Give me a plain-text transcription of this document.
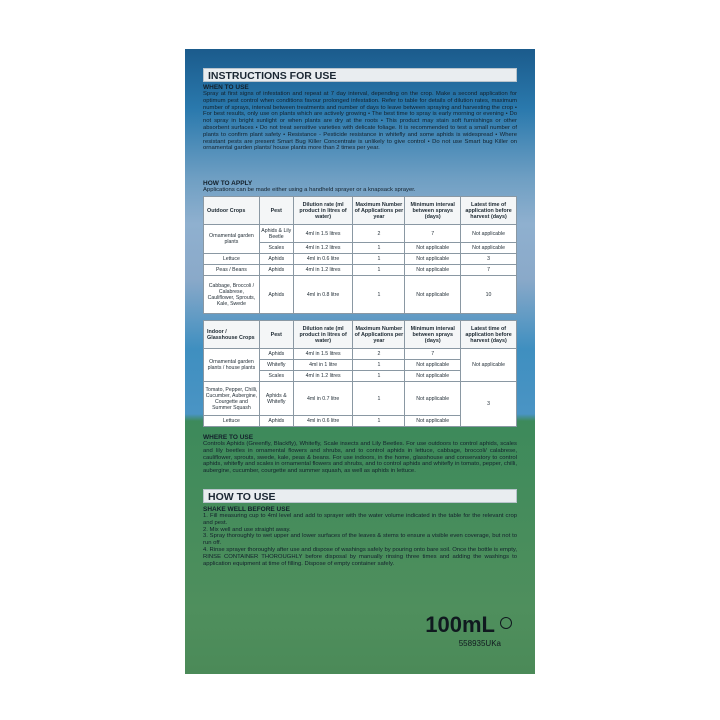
INSTRUCTIONS FOR USE
WHEN TO USE

Spray at first signs of infestation and repeat at 7 day interval, depending on the crop. Make a second application for optimum pest control when conditions favour prolonged infestation. Refer to table for details of dilution rates, maximum number of sprays, interval between treatments and number of days to leave between spraying and harvesting the crop • For best results, only use on plants which are actively growing • The best time to spray is early morning or evening • Do not spray in bright sunlight or when plants are dry at the roots • This product may stain soft furnishings or other absorbent surfaces • Do not treat sensitive varieties with delicate foliage. It is recommended to test a small number of plants to confirm plant safety • Resistance - Pesticide resistance in whitefly and some aphids is widespread • Where resistant pests are present Smart Bug Killer Concentrate is unlikely to give control • Do not use Smart bug Killer on ornamental garden plants/ house plants more than 2 times per year.

HOW TO APPLY

Applications can be made either using a handheld sprayer or a knapsack sprayer.

Outdoor Crops	Pest	Dilution rate (ml product in litres of water)	Maximum Number of Applications per year	Minimum interval between sprays (days)	Latest time of application before harvest (days)
Ornamental garden plants	Aphids & Lily Beetle	4ml in 1.5 litres	2	7	Not applicable
	Scales	4ml in 1.2 litres	1	Not applicable	Not applicable
Lettuce	Aphids	4ml in 0.6 litre	1	Not applicable	3
Peas / Beans	Aphids	4ml in 1.2 litres	1	Not applicable	7
Cabbage, Broccoli / Calabrese, Cauliflower, Sprouts, Kale, Swede	Aphids	4ml in 0.8 litre	1	Not applicable	10
Indoor / Glasshouse Crops	Pest	Dilution rate (ml product in litres of water)	Maximum Number of Applications per year	Minimum interval between sprays (days)	Latest time of application before harvest (days)
Ornamental garden plants / house plants	Aphids	4ml in 1.5 litres	2	7	Not applicable
	Whitefly	4ml in 1 litre	1	Not applicable	
	Scales	4ml in 1.2 litres	1	Not applicable	
Tomato, Pepper, Chilli, Cucumber, Aubergine, Courgette and Summer Squash	Aphids & Whitefly	4ml in 0.7 litre	1	Not applicable	3
Lettuce	Aphids	4ml in 0.6 litre	1	Not applicable	
WHERE TO USE

Controls Aphids (Greenfly, Blackfly), Whitefly, Scale insects and Lily Beetles. For use outdoors to control aphids, scales and lily beetles in ornamental flowers and shrubs, and to control aphids in lettuce, cabbage, broccoli/ calabrese, cauliflower, sprouts, swede, kale, peas & beans. For use indoors, in the home, glasshouse and conservatory to control aphids, whitefly and scales in ornamental flowers and shrubs, and to control aphids and whitefly in tomato, pepper, chilli, aubergine, cucumber, courgette and summer squash, as well as aphids in lettuce.

HOW TO USE
SHAKE WELL BEFORE USE
1. Fill measuring cup to 4ml level and add to sprayer with the water volume indicated in the table for the relevant crop and pest.
2. Mix well and use straight away.
3. Spray thoroughly to wet upper and lower surfaces of the leaves & stems to ensure a visible even coverage, but not to run off.
4. Rinse sprayer thoroughly after use and dispose of washings safely by pouring onto bare soil. Once the bottle is empty, RINSE CONTAINER THOROUGHLY before disposal by manually rinsing three times and adding the washings to application equipment at time of filling. Dispose of empty container safely.
100mL
558935UKa
